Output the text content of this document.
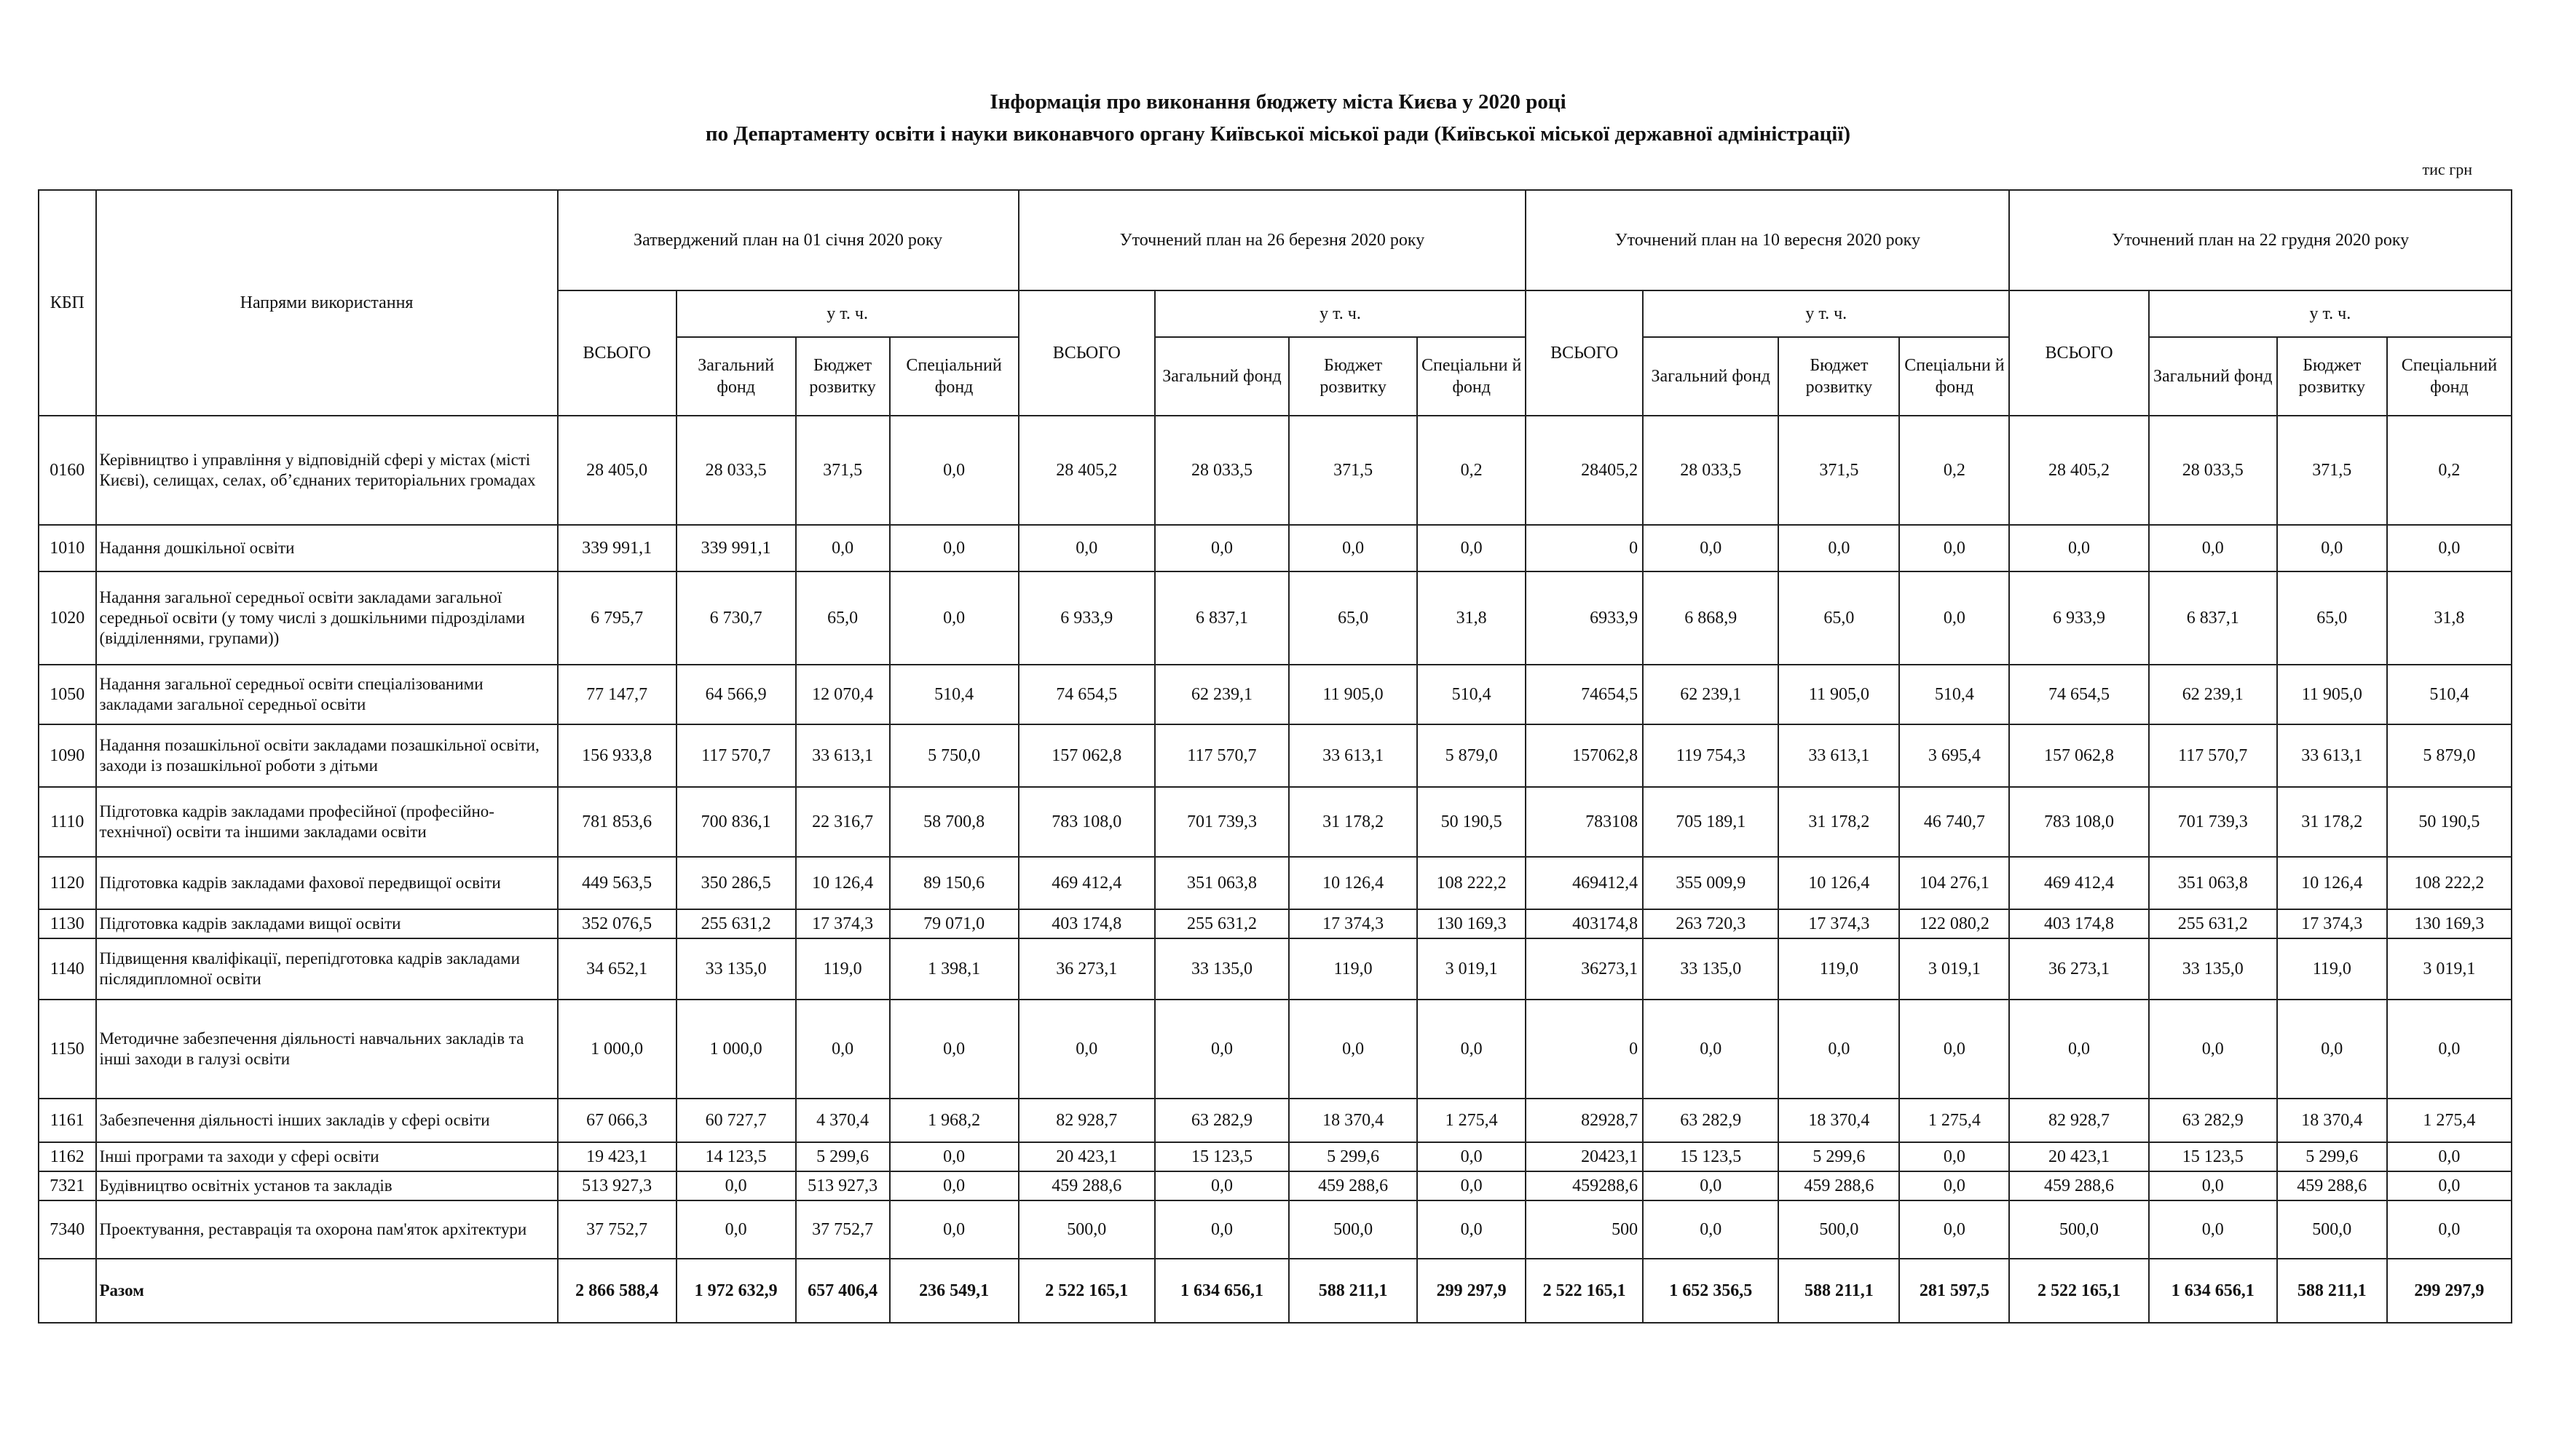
Інформація про виконання бюджету міста Києва у 2020 році
по Департаменту освіти і науки виконавчого органу Київської міської ради (Київської міської державної адміністрації)
тис грн
КБП	Напрями використання	Затверджений план на 01 січня 2020 року				Уточнений план на 26 березня 2020 року				Уточнений план на 10 вересня 2020 року				Уточнений план на 22 грудня 2020 року			
		ВСЬОГО	у т. ч.			ВСЬОГО	у т. ч.			ВСЬОГО	у т. ч.			ВСЬОГО	у т. ч.		
			Загальний фонд	Бюджет розвитку	Спеціальний фонд		Загальний фонд	Бюджет розвитку	Спеціальни й фонд		Загальний фонд	Бюджет розвитку	Спеціальни й фонд		Загальний фонд	Бюджет розвитку	Спеціальний фонд
0160	Керівництво і управління у відповідній сфері у містах (місті Києві), селищах, селах, об’єднаних територіальних громадах	28 405,0	28 033,5	371,5	0,0	28 405,2	28 033,5	371,5	0,2	28405,2	28 033,5	371,5	0,2	28 405,2	28 033,5	371,5	0,2
1010	Надання дошкільної освіти	339 991,1	339 991,1	0,0	0,0	0,0	0,0	0,0	0,0	0	0,0	0,0	0,0	0,0	0,0	0,0	0,0
1020	Надання загальної середньої освіти закладами загальної середньої освіти (у тому числі з дошкільними підрозділами (відділеннями, групами))	6 795,7	6 730,7	65,0	0,0	6 933,9	6 837,1	65,0	31,8	6933,9	6 868,9	65,0	0,0	6 933,9	6 837,1	65,0	31,8
1050	Надання загальної середньої освіти спеціалізованими закладами загальної середньої освіти	77 147,7	64 566,9	12 070,4	510,4	74 654,5	62 239,1	11 905,0	510,4	74654,5	62 239,1	11 905,0	510,4	74 654,5	62 239,1	11 905,0	510,4
1090	Надання позашкільної освіти закладами позашкільної освіти, заходи із позашкільної роботи з дітьми	156 933,8	117 570,7	33 613,1	5 750,0	157 062,8	117 570,7	33 613,1	5 879,0	157062,8	119 754,3	33 613,1	3 695,4	157 062,8	117 570,7	33 613,1	5 879,0
1110	Підготовка кадрів закладами професійної (професійно-технічної) освіти та іншими закладами освіти	781 853,6	700 836,1	22 316,7	58 700,8	783 108,0	701 739,3	31 178,2	50 190,5	783108	705 189,1	31 178,2	46 740,7	783 108,0	701 739,3	31 178,2	50 190,5
1120	Підготовка кадрів закладами фахової передвищої освіти	449 563,5	350 286,5	10 126,4	89 150,6	469 412,4	351 063,8	10 126,4	108 222,2	469412,4	355 009,9	10 126,4	104 276,1	469 412,4	351 063,8	10 126,4	108 222,2
1130	Підготовка кадрів закладами вищої освіти	352 076,5	255 631,2	17 374,3	79 071,0	403 174,8	255 631,2	17 374,3	130 169,3	403174,8	263 720,3	17 374,3	122 080,2	403 174,8	255 631,2	17 374,3	130 169,3
1140	Підвищення кваліфікації, перепідготовка кадрів закладами післядипломної освіти	34 652,1	33 135,0	119,0	1 398,1	36 273,1	33 135,0	119,0	3 019,1	36273,1	33 135,0	119,0	3 019,1	36 273,1	33 135,0	119,0	3 019,1
1150	Методичне забезпечення діяльності навчальних закладів та інші заходи в галузі освіти	1 000,0	1 000,0	0,0	0,0	0,0	0,0	0,0	0,0	0	0,0	0,0	0,0	0,0	0,0	0,0	0,0
1161	Забезпечення діяльності інших закладів у сфері освіти	67 066,3	60 727,7	4 370,4	1 968,2	82 928,7	63 282,9	18 370,4	1 275,4	82928,7	63 282,9	18 370,4	1 275,4	82 928,7	63 282,9	18 370,4	1 275,4
1162	Інші програми та заходи у сфері освіти	19 423,1	14 123,5	5 299,6	0,0	20 423,1	15 123,5	5 299,6	0,0	20423,1	15 123,5	5 299,6	0,0	20 423,1	15 123,5	5 299,6	0,0
7321	Будівництво освітніх установ та закладів	513 927,3	0,0	513 927,3	0,0	459 288,6	0,0	459 288,6	0,0	459288,6	0,0	459 288,6	0,0	459 288,6	0,0	459 288,6	0,0
7340	Проектування, реставрація та охорона пам'яток архітектури	37 752,7	0,0	37 752,7	0,0	500,0	0,0	500,0	0,0	500	0,0	500,0	0,0	500,0	0,0	500,0	0,0
	Разом	2 866 588,4	1 972 632,9	657 406,4	236 549,1	2 522 165,1	1 634 656,1	588 211,1	299 297,9	2 522 165,1	1 652 356,5	588 211,1	281 597,5	2 522 165,1	1 634 656,1	588 211,1	299 297,9
